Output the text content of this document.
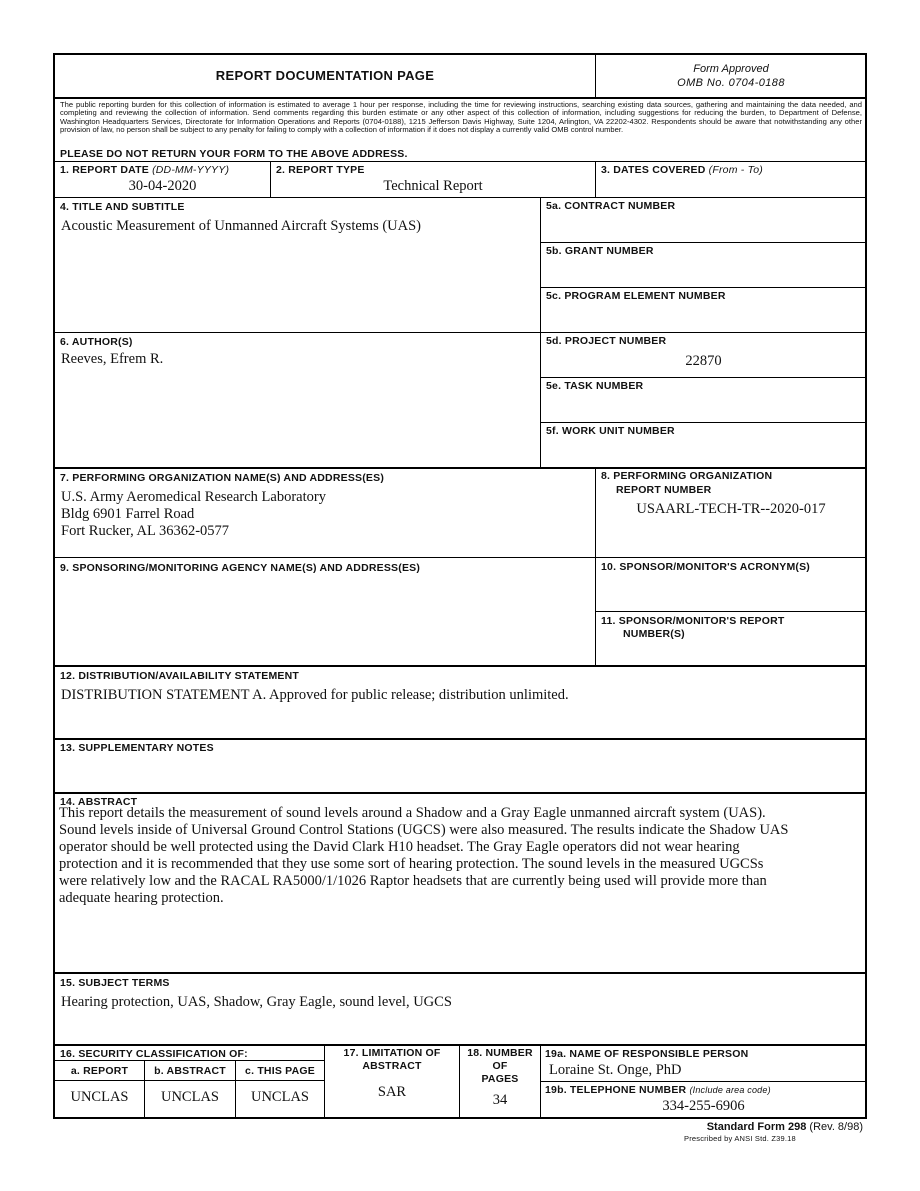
REPORT DOCUMENTATION PAGE	Form Approved
OMB No. 0704-0188
The public reporting burden for this collection of information is estimated to average 1 hour per response, including the time for reviewing instructions, searching existing data sources, gathering and maintaining the data needed, and completing and reviewing the collection of information. Send comments regarding this burden estimate or any other aspect of this collection of information, including suggestions for reducing the burden, to Department of Defense, Washington Headquarters Services, Directorate for Information Operations and Reports (0704-0188), 1215 Jefferson Davis Highway, Suite 1204, Arlington, VA 22202-4302. Respondents should be aware that notwithstanding any other provision of law, no person shall be subject to any penalty for failing to comply with a collection of information if it does not display a currently valid OMB control number.
PLEASE DO NOT RETURN YOUR FORM TO THE ABOVE ADDRESS.
1. REPORT DATE (DD-MM-YYYY)
30-04-2020
2. REPORT TYPE
Technical Report
3. DATES COVERED (From - To)
4. TITLE AND SUBTITLE
Acoustic Measurement of Unmanned Aircraft Systems (UAS)
5a. CONTRACT NUMBER
5b. GRANT NUMBER
5c. PROGRAM ELEMENT NUMBER
5d. PROJECT NUMBER
22870
5e. TASK NUMBER
5f. WORK UNIT NUMBER
6. AUTHOR(S)
Reeves, Efrem R.
7. PERFORMING ORGANIZATION NAME(S) AND ADDRESS(ES)
U.S. Army Aeromedical Research Laboratory
Bldg 6901 Farrel Road
Fort Rucker, AL 36362-0577
8. PERFORMING ORGANIZATION
REPORT NUMBER
USAARL-TECH-TR--2020-017
9. SPONSORING/MONITORING AGENCY NAME(S) AND ADDRESS(ES)	10. SPONSOR/MONITOR'S ACRONYM(S)
11. SPONSOR/MONITOR'S REPORT
NUMBER(S)
12. DISTRIBUTION/AVAILABILITY STATEMENT
DISTRIBUTION STATEMENT A. Approved for public release; distribution unlimited.
13. SUPPLEMENTARY NOTES
14. ABSTRACT
This report details the measurement of sound levels around a Shadow and a Gray Eagle unmanned aircraft system (UAS).
Sound levels inside of Universal Ground Control Stations (UGCS) were also measured. The results indicate the Shadow UAS
operator should be well protected using the David Clark H10 headset. The Gray Eagle operators did not wear hearing
protection and it is recommended that they use some sort of hearing protection. The sound levels in the measured UGCSs
were relatively low and the RACAL RA5000/1/1026 Raptor headsets that are currently being used will provide more than
adequate hearing protection.
15. SUBJECT TERMS
Hearing protection, UAS, Shadow, Gray Eagle, sound level, UGCS
16. SECURITY CLASSIFICATION OF:
a. REPORT	b. ABSTRACT	c. THIS PAGE
UNCLAS	UNCLAS	UNCLAS
17. LIMITATION OF
ABSTRACT
SAR
18. NUMBER
OF
PAGES
34
19a. NAME OF RESPONSIBLE PERSON
Loraine St. Onge, PhD
19b. TELEPHONE NUMBER (Include area code)
334-255-6906
Standard Form 298 (Rev. 8/98)
Prescribed by ANSI Std. Z39.18
